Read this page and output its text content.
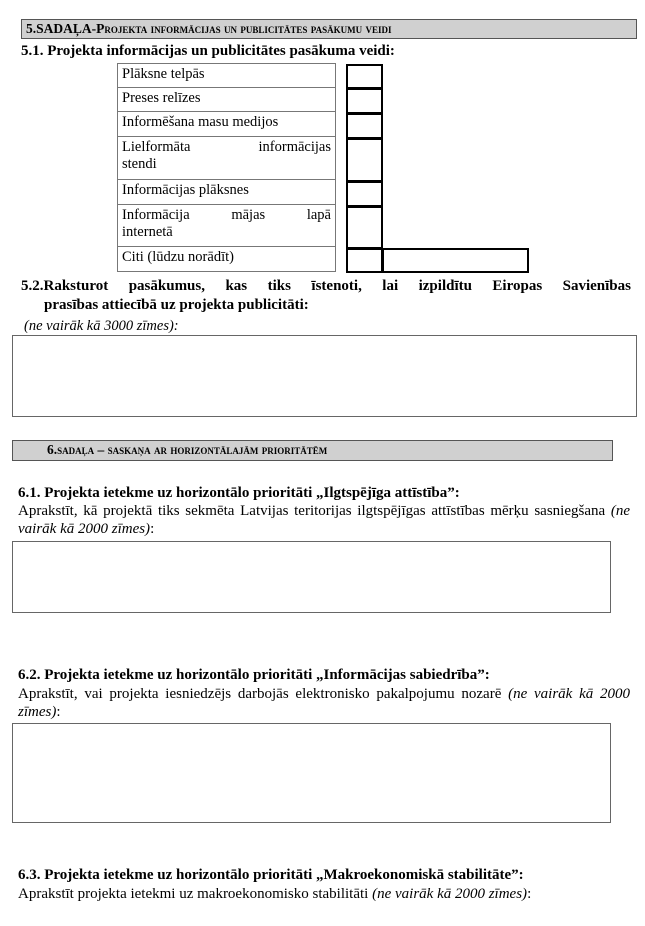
5.SADAĻA-Projekta informācijas un publicitātes pasākumu veidi
5.1. Projekta informācijas un publicitātes pasākuma veidi:
Plāksne telpās
Preses relīzes
Informēšana masu medijos

Lielformāta informācijas
stendi

Informācijas plāksnes

Informācija mājas lapā
internetā

Citi (lūdzu norādīt)
5.2.Raksturot pasākumus, kas tiks īstenoti, lai izpildītu Eiropas Savienības
prasības attiecībā uz projekta publicitāti:
(ne vairāk kā 3000 zīmes):
6.sadaļa – saskaņa ar horizontālajām prioritātēm
6.1. Projekta ietekme uz horizontālo prioritāti „Ilgtspējīga attīstība”:
Aprakstīt, kā projektā tiks sekmēta Latvijas teritorijas ilgtspējīgas attīstības mērķu sasniegšana (ne vairāk kā 2000 zīmes):
6.2. Projekta ietekme uz horizontālo prioritāti „Informācijas sabiedrība”:
Aprakstīt, vai projekta iesniedzējs darbojās elektronisko pakalpojumu nozarē (ne vairāk kā 2000 zīmes):
6.3. Projekta ietekme uz horizontālo prioritāti „Makroekonomiskā stabilitāte”:
Aprakstīt projekta ietekmi uz makroekonomisko stabilitāti (ne vairāk kā 2000 zīmes):
